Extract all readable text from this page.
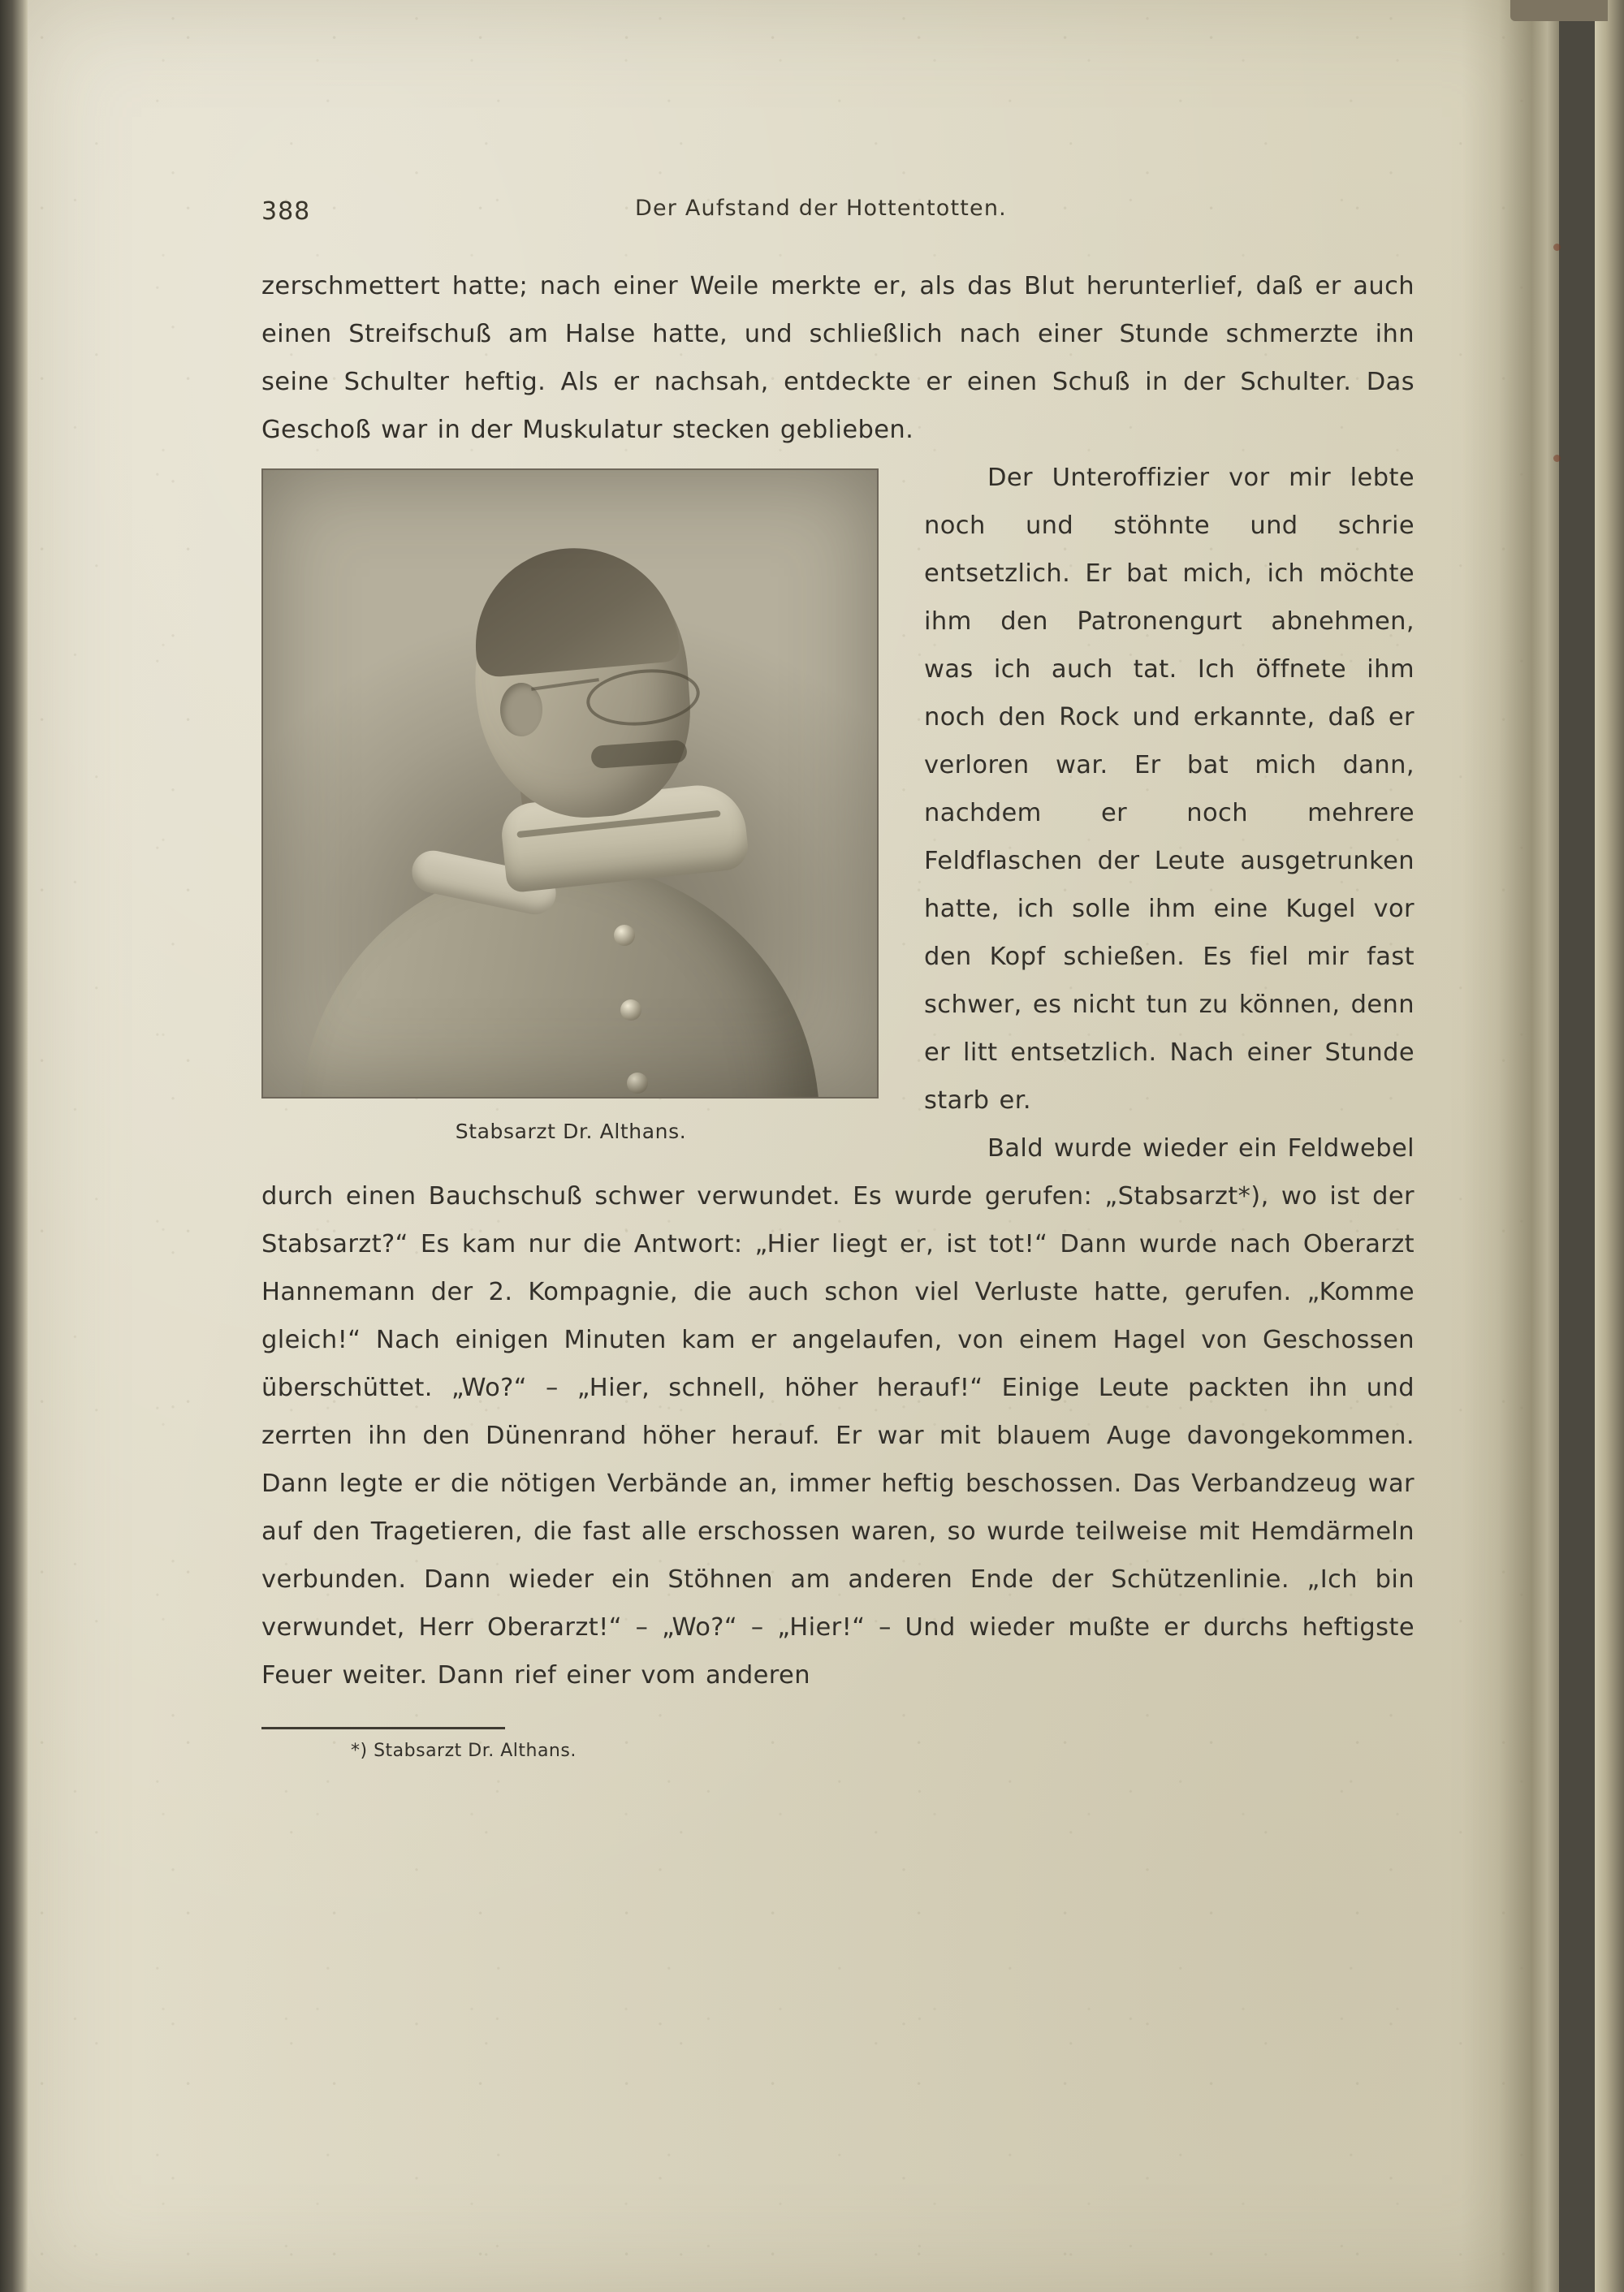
388	Der Aufstand der Hottentotten.

zerschmettert hatte; nach einer Weile merkte er, als das Blut herunterlief, daß er auch einen Streifschuß am Halse hatte, und schließlich nach einer Stunde schmerzte ihn seine Schulter heftig. Als er nachsah, entdeckte er einen Schuß in der Schulter. Das Geschoß war in der Muskulatur stecken geblieben.

Stabsarzt Dr. Althans.

Der Unteroffizier vor mir lebte noch und stöhnte und schrie entsetzlich. Er bat mich, ich möchte ihm den Patronengurt abnehmen, was ich auch tat. Ich öffnete ihm noch den Rock und erkannte, daß er verloren war. Er bat mich dann, nachdem er noch mehrere Feldflaschen der Leute ausgetrunken hatte, ich solle ihm eine Kugel vor den Kopf schießen. Es fiel mir fast schwer, es nicht tun zu können, denn er litt entsetzlich. Nach einer Stunde starb er.

Bald wurde wieder ein Feldwebel durch einen Bauchschuß schwer verwundet. Es wurde gerufen: „Stabsarzt*), wo ist der Stabsarzt?“ Es kam nur die Antwort: „Hier liegt er, ist tot!“ Dann wurde nach Oberarzt Hannemann der 2. Kompagnie, die auch schon viel Verluste hatte, gerufen. „Komme gleich!“ Nach einigen Minuten kam er angelaufen, von einem Hagel von Geschossen überschüttet. „Wo?“ – „Hier, schnell, höher herauf!“ Einige Leute packten ihn und zerrten ihn den Dünenrand höher herauf. Er war mit blauem Auge davongekommen. Dann legte er die nötigen Verbände an, immer heftig beschossen. Das Verbandzeug war auf den Tragetieren, die fast alle erschossen waren, so wurde teilweise mit Hemdärmeln verbunden. Dann wieder ein Stöhnen am anderen Ende der Schützenlinie. „Ich bin verwundet, Herr Oberarzt!“ – „Wo?“ – „Hier!“ – Und wieder mußte er durchs heftigste Feuer weiter. Dann rief einer vom anderen

*) Stabsarzt Dr. Althans.
